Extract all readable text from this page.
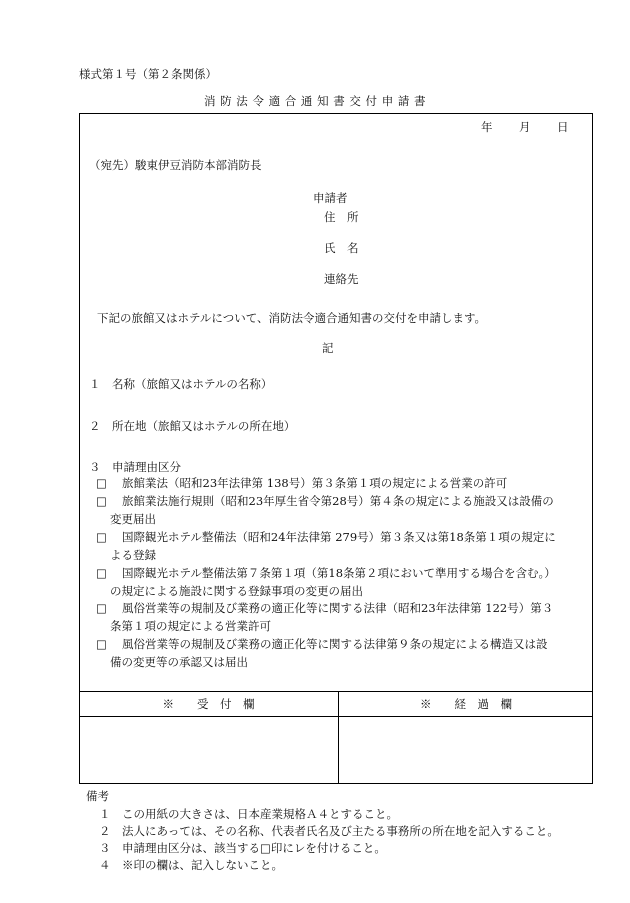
様式第１号（第２条関係）
消 防 法 令 適 合 通 知 書 交 付 申 請 書
年 月 日
（宛先）駿東伊豆消防本部消防長
申請者
住　所
氏　名
連絡先
下記の旅館又はホテルについて、消防法令適合通知書の交付を申請します。
記
１　名称（旅館又はホテルの名称）
２　所在地（旅館又はホテルの所在地）
３　申請理由区分
□	旅館業法（昭和23年法律第 138号）第３条第１項の規定による営業の許可
□	旅館業法施行規則（昭和23年厚生省令第28号）第４条の規定による施設又は設備の
変更届出
□	国際観光ホテル整備法（昭和24年法律第 279号）第３条又は第18条第１項の規定に
よる登録
□	国際観光ホテル整備法第７条第１項（第18条第２項において準用する場合を含む。）
の規定による施設に関する登録事項の変更の届出
□	風俗営業等の規制及び業務の適正化等に関する法律（昭和23年法律第 122号）第３
条第１項の規定による営業許可
□	風俗営業等の規制及び業務の適正化等に関する法律第９条の規定による構造又は設
備の変更等の承認又は届出
※　　受　付　欄	※　　経　過　欄
備考
１　この用紙の大きさは、日本産業規格Ａ４とすること。
２　法人にあっては、その名称、代表者氏名及び主たる事務所の所在地を記入すること。
３　申請理由区分は、該当する□印にレを付けること。
４　※印の欄は、記入しないこと。
